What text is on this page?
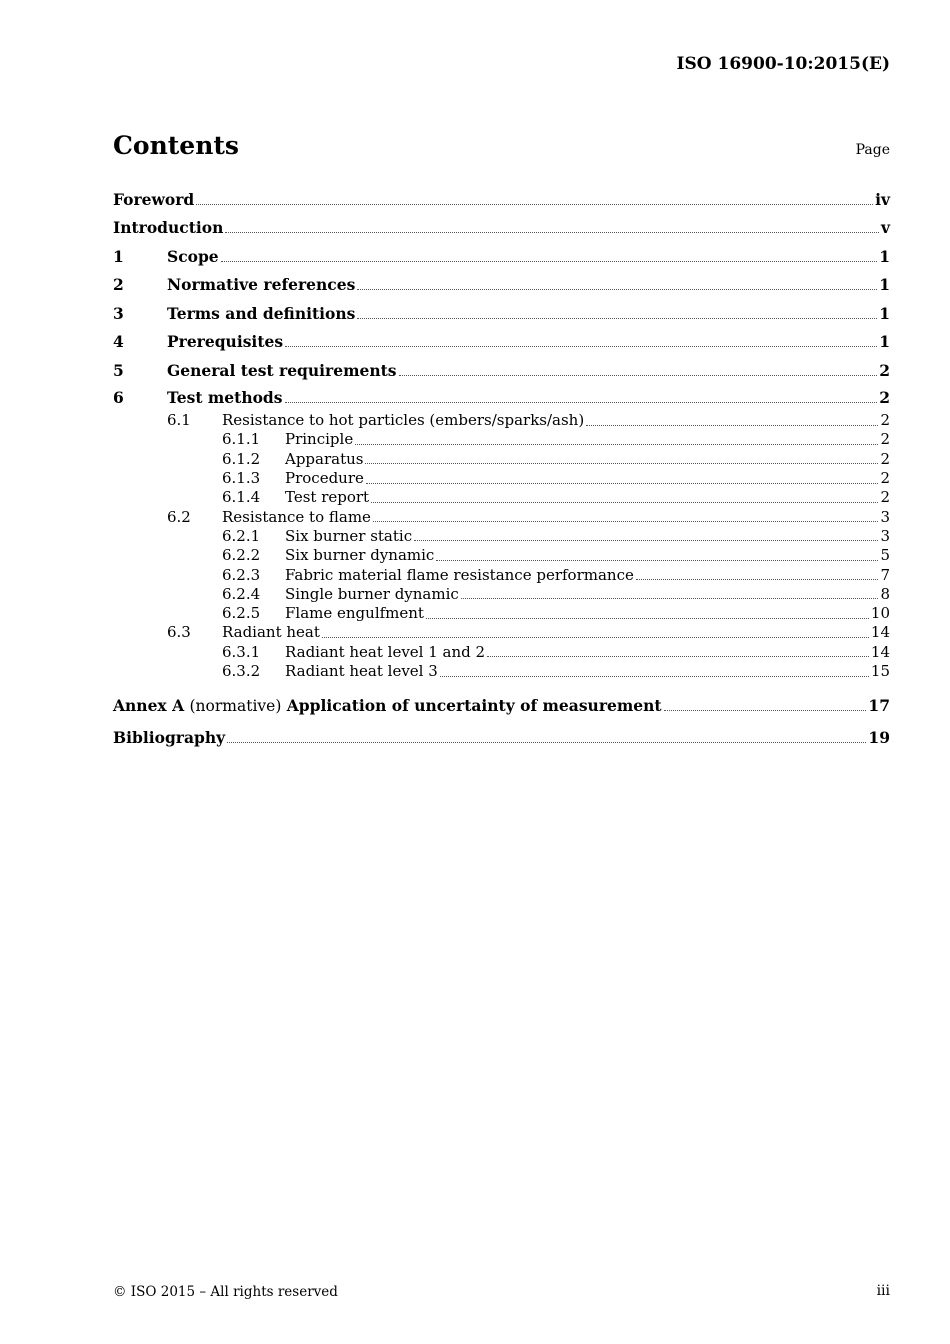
ISO 16900-10:2015(E)
Contents	Page
Foreword	iv
Introduction	v
1	Scope	1
2	Normative references	1
3	Terms and definitions	1
4	Prerequisites	1
5	General test requirements	2
6	Test methods	2
6.1	Resistance to hot particles (embers/sparks/ash)	2
6.1.1	Principle	2
6.1.2	Apparatus	2
6.1.3	Procedure	2
6.1.4	Test report	2
6.2	Resistance to flame	3
6.2.1	Six burner static	3
6.2.2	Six burner dynamic	5
6.2.3	Fabric material flame resistance performance	7
6.2.4	Single burner dynamic	8
6.2.5	Flame engulfment	10
6.3	Radiant heat	14
6.3.1	Radiant heat level 1 and 2	14
6.3.2	Radiant heat level 3	15
Annex A (normative) Application of uncertainty of measurement	17
Bibliography	19
© ISO 2015 – All rights reserved	iii
